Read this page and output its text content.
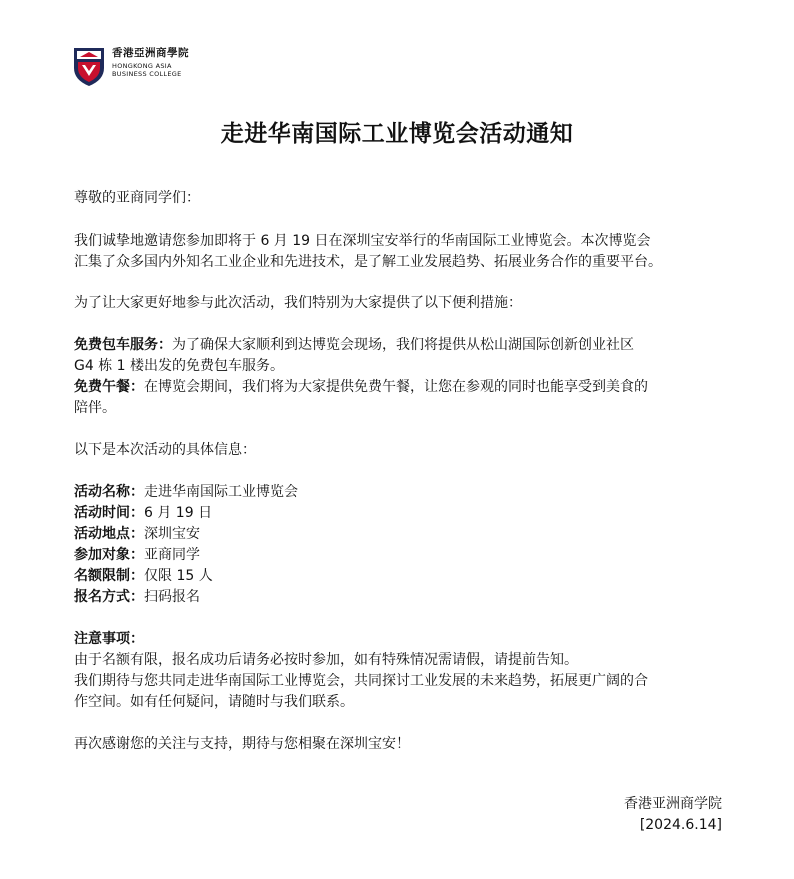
香港亞洲商學院
HONGKONG ASIA
BUSINESS COLLEGE
走进华南国际工业博览会活动通知
尊敬的亚商同学们：
我们诚挚地邀请您参加即将于 6 月 19 日在深圳宝安举行的华南国际工业博览会。本次博览会
汇集了众多国内外知名工业企业和先进技术，是了解工业发展趋势、拓展业务合作的重要平台。
为了让大家更好地参与此次活动，我们特别为大家提供了以下便利措施：
免费包车服务：为了确保大家顺利到达博览会现场，我们将提供从松山湖国际创新创业社区
G4 栋 1 楼出发的免费包车服务。
免费午餐：在博览会期间，我们将为大家提供免费午餐，让您在参观的同时也能享受到美食的
陪伴。
以下是本次活动的具体信息：
活动名称：走进华南国际工业博览会
活动时间：6 月 19 日
活动地点：深圳宝安
参加对象：亚商同学
名额限制：仅限 15 人
报名方式：扫码报名
注意事项：
由于名额有限，报名成功后请务必按时参加，如有特殊情况需请假，请提前告知。
我们期待与您共同走进华南国际工业博览会，共同探讨工业发展的未来趋势，拓展更广阔的合
作空间。如有任何疑问，请随时与我们联系。
再次感谢您的关注与支持，期待与您相聚在深圳宝安！
香港亚洲商学院
[2024.6.14]
